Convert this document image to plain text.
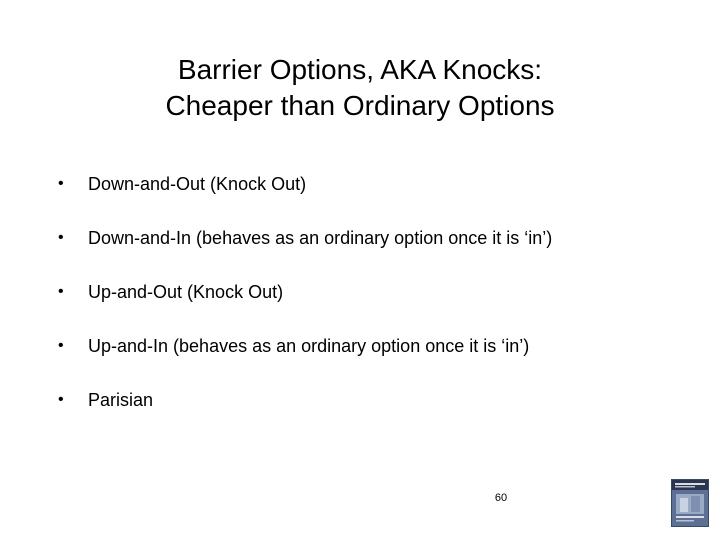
Barrier Options, AKA Knocks:
Cheaper than Ordinary Options
•	Down-and-Out (Knock Out)
•	Down-and-In (behaves as an ordinary option once it is ‘in’)
•	Up-and-Out (Knock Out)
•	Up-and-In (behaves as an ordinary option once it is ‘in’)
•	Parisian
60
